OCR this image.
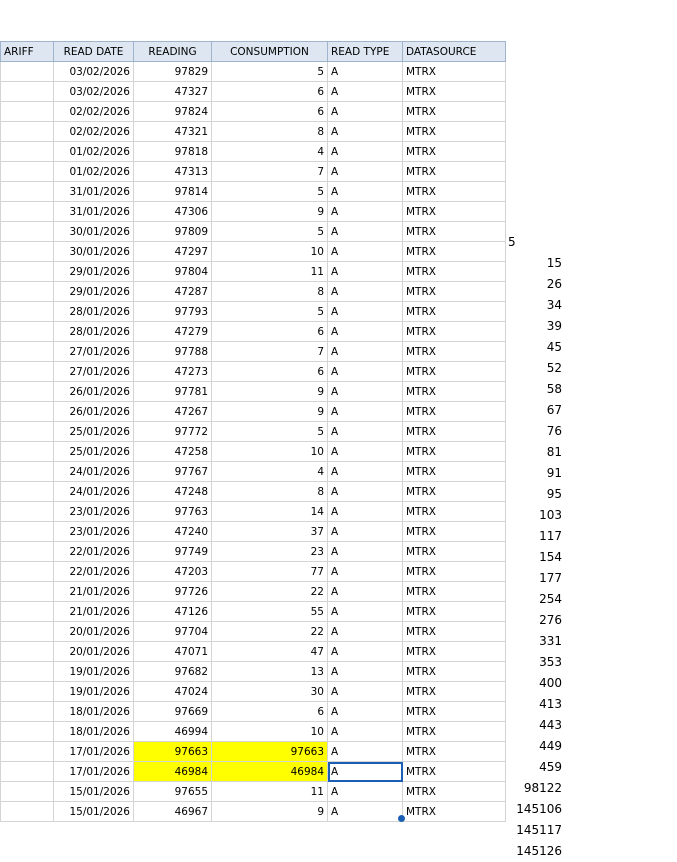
ARIFF	READ DATE	READING	CONSUMPTION	READ TYPE	DATASOURCE
	03/02/2026	97829	5	A	MTRX
	03/02/2026	47327	6	A	MTRX
	02/02/2026	97824	6	A	MTRX
	02/02/2026	47321	8	A	MTRX
	01/02/2026	97818	4	A	MTRX
	01/02/2026	47313	7	A	MTRX
	31/01/2026	97814	5	A	MTRX
	31/01/2026	47306	9	A	MTRX
	30/01/2026	97809	5	A	MTRX
	30/01/2026	47297	10	A	MTRX
	29/01/2026	97804	11	A	MTRX
	29/01/2026	47287	8	A	MTRX
	28/01/2026	97793	5	A	MTRX
	28/01/2026	47279	6	A	MTRX
	27/01/2026	97788	7	A	MTRX
	27/01/2026	47273	6	A	MTRX
	26/01/2026	97781	9	A	MTRX
	26/01/2026	47267	9	A	MTRX
	25/01/2026	97772	5	A	MTRX
	25/01/2026	47258	10	A	MTRX
	24/01/2026	97767	4	A	MTRX
	24/01/2026	47248	8	A	MTRX
	23/01/2026	97763	14	A	MTRX
	23/01/2026	47240	37	A	MTRX
	22/01/2026	97749	23	A	MTRX
	22/01/2026	47203	77	A	MTRX
	21/01/2026	97726	22	A	MTRX
	21/01/2026	47126	55	A	MTRX
	20/01/2026	97704	22	A	MTRX
	20/01/2026	47071	47	A	MTRX
	19/01/2026	97682	13	A	MTRX
	19/01/2026	47024	30	A	MTRX
	18/01/2026	97669	6	A	MTRX
	18/01/2026	46994	10	A	MTRX
	17/01/2026	97663	97663	A	MTRX
	17/01/2026	46984	46984	A	MTRX
	15/01/2026	97655	11	A	MTRX
	15/01/2026	46967	9	A	MTRX
5
15
26
34
39
45
52
58
67
76
81
91
95
103
117
154
177
254
276
331
353
400
413
443
449
459
98122
145106
145117
145126
